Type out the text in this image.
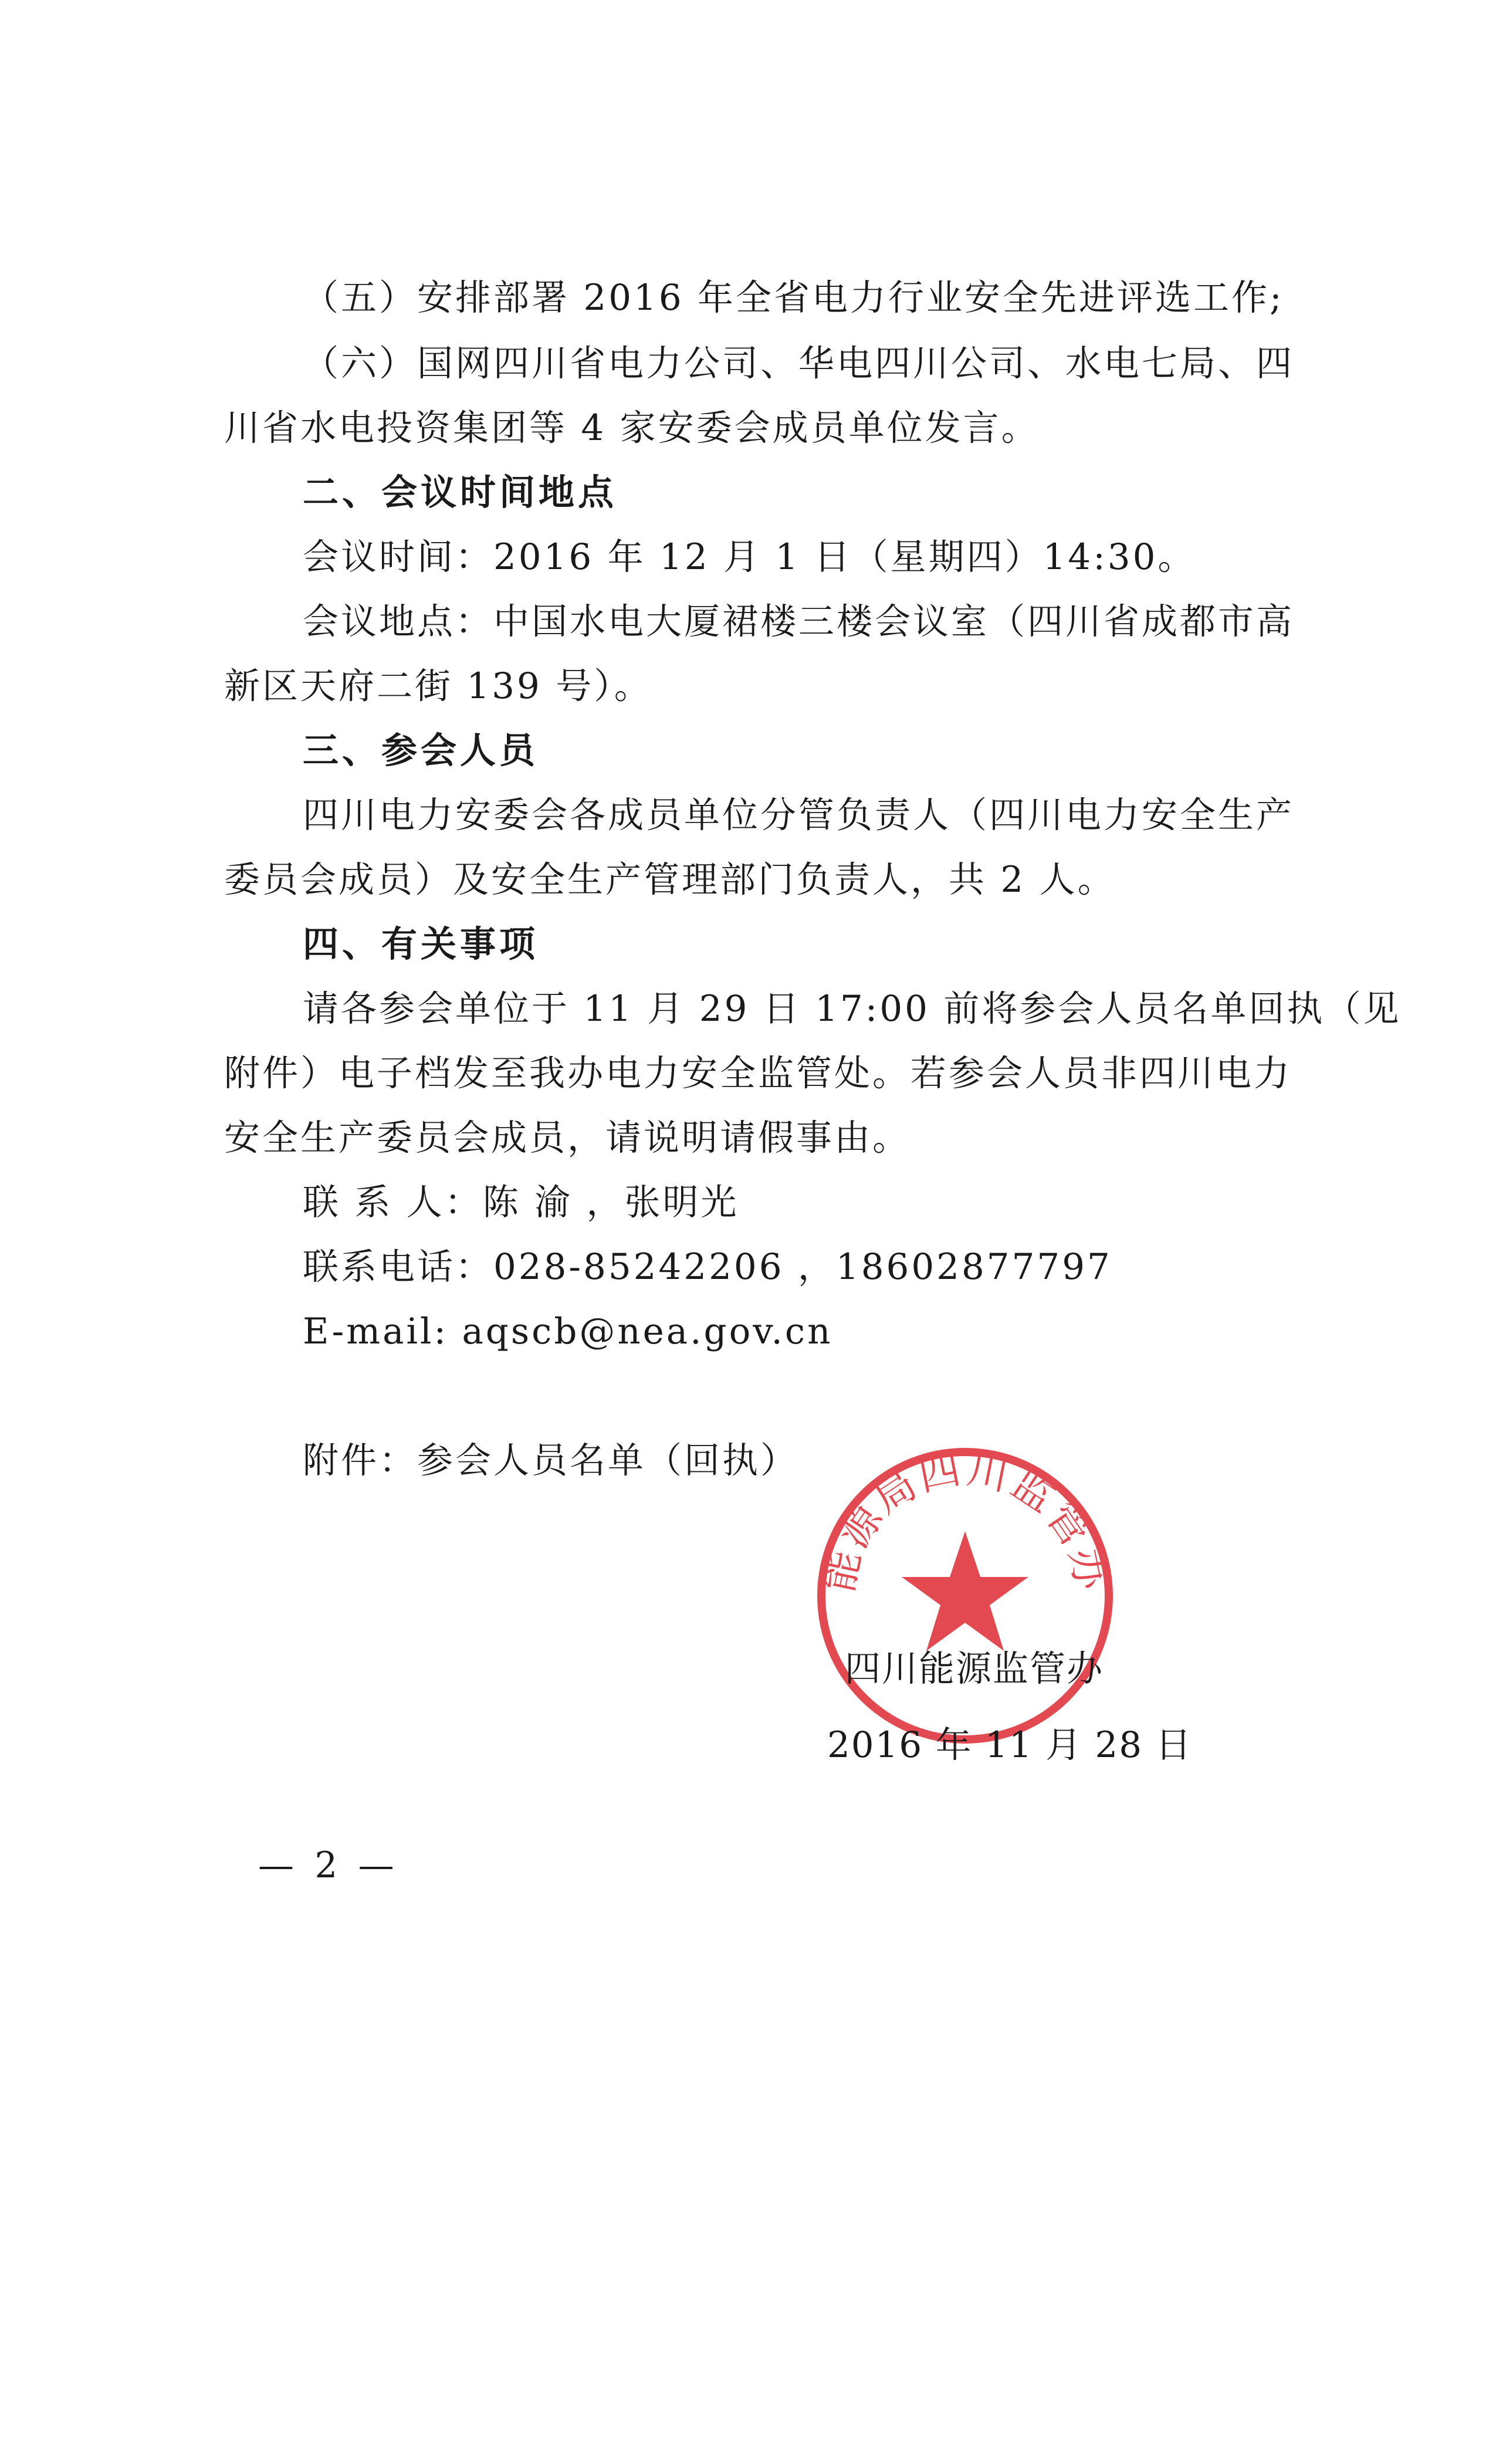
（五）安排部署 2016 年全省电力行业安全先进评选工作;
（六）国网四川省电力公司、华电四川公司、水电七局、四
川省水电投资集团等 4 家安委会成员单位发言。
二、会议时间地点
会议时间：2016 年 12 月 1 日（星期四）14:30。
会议地点：中国水电大厦裙楼三楼会议室（四川省成都市高
新区天府二街 139 号）。
三、参会人员
四川电力安委会各成员单位分管负责人（四川电力安全生产
委员会成员）及安全生产管理部门负责人，共 2 人。
四、有关事项
请各参会单位于 11 月 29 日 17:00 前将参会人员名单回执（见
附件）电子档发至我办电力安全监管处。若参会人员非四川电力
安全生产委员会成员，请说明请假事由。
联 系 人：陈 渝 ，张明光
联系电话：028-85242206 ，18602877797
E-mail: aqscb@nea.gov.cn
附件：参会人员名单（回执）
能源局四川监管办
四川能源监管办
2016 年 11 月 28 日
— 2 —
